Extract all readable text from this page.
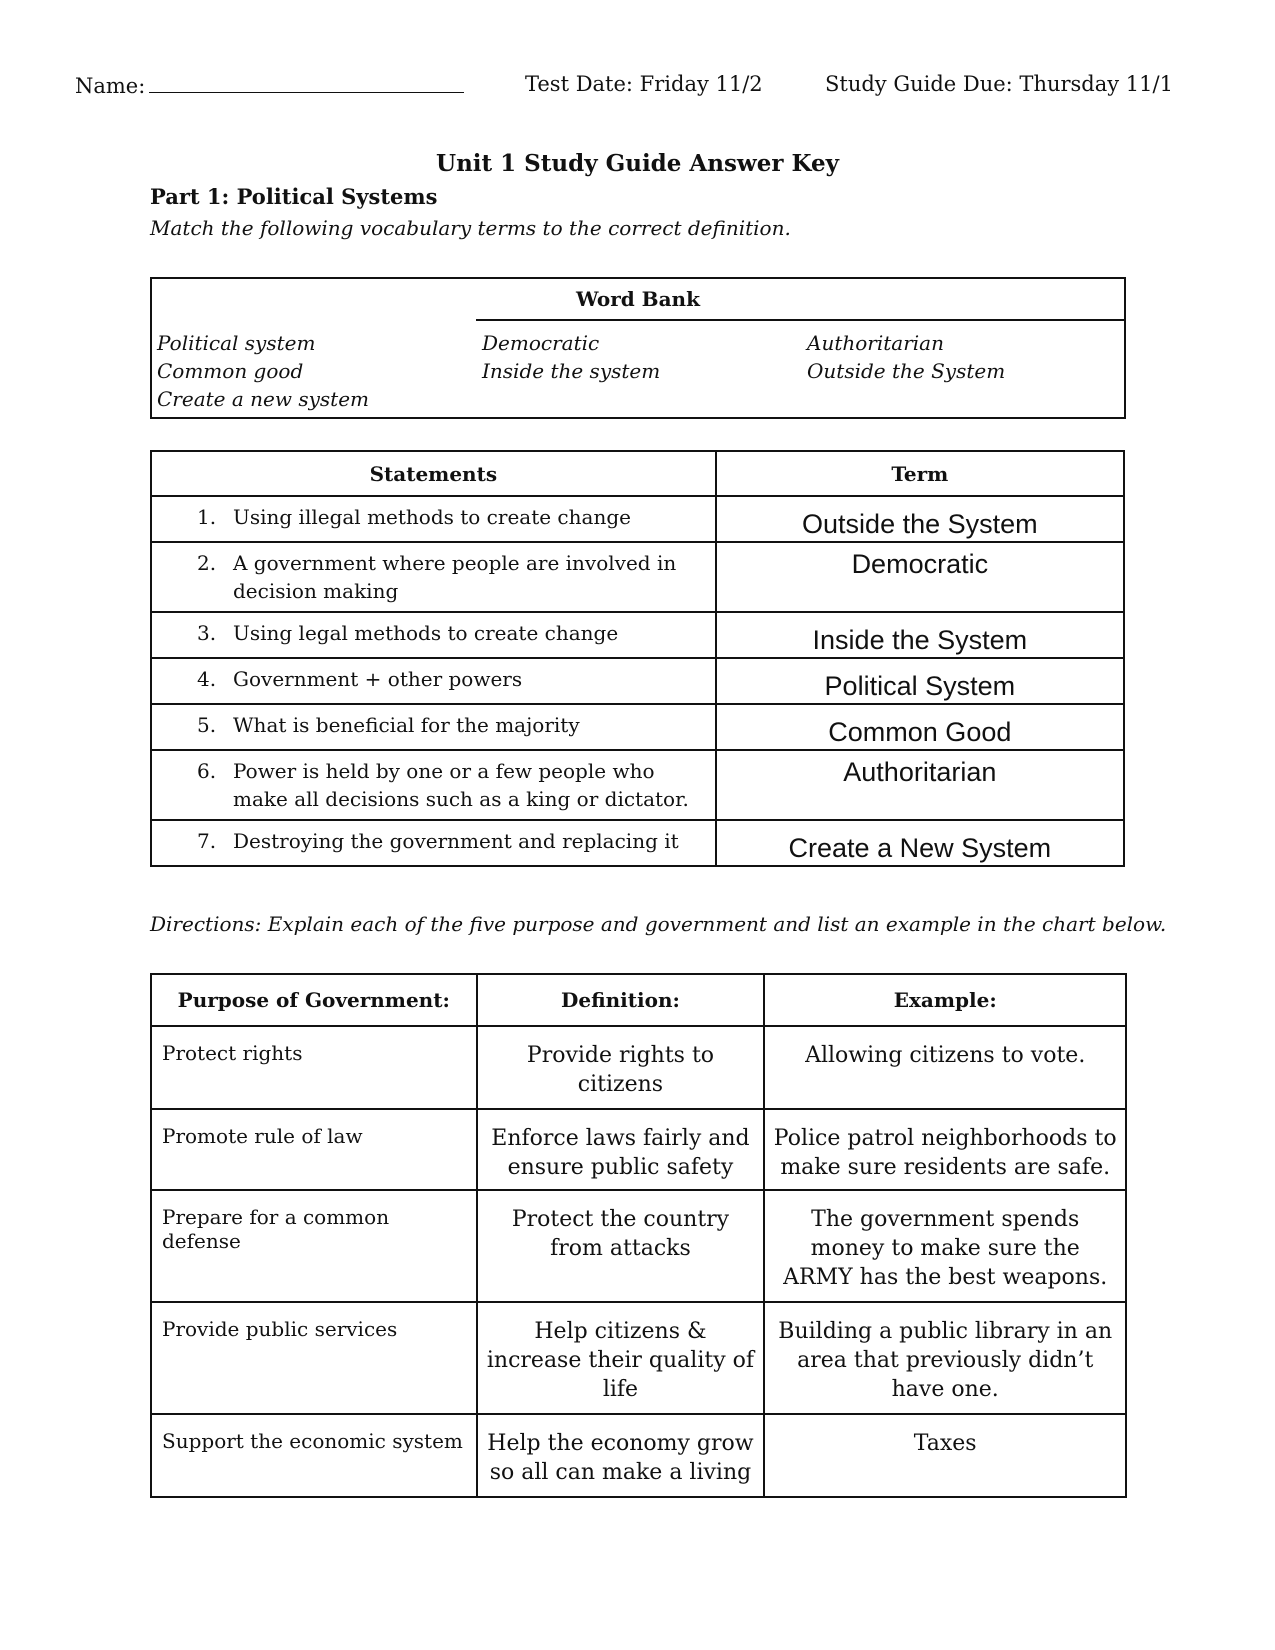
Name:	Test Date: Friday 11/2	Study Guide Due: Thursday 11/1
Unit 1 Study Guide Answer Key
Part 1: Political Systems
Match the following vocabulary terms to the correct definition.
Word Bank
Political system
Common good
Create a new system
Democratic
Inside the system
Authoritarian
Outside the System
Statements	Term

1. Using illegal methods to create change	Outside the System

2. A government where people are involved in decision making	Democratic

3. Using legal methods to create change	Inside the System

4. Government + other powers	Political System

5. What is beneficial for the majority	Common Good

6. Power is held by one or a few people who make all decisions such as a king or dictator.	Authoritarian

7. Destroying the government and replacing it	Create a New System
Directions: Explain each of the five purpose and government and list an example in the chart below.
Purpose of Government:	Definition:	Example:
Protect rights	Provide rights to citizens	Allowing citizens to vote.
Promote rule of law	Enforce laws fairly and ensure public safety	Police patrol neighborhoods to make sure residents are safe.
Prepare for a common defense	Protect the country from attacks	The government spends money to make sure the ARMY has the best weapons.
Provide public services	Help citizens & increase their quality of life	Building a public library in an area that previously didn’t have one.
Support the economic system	Help the economy grow so all can make a living	Taxes
